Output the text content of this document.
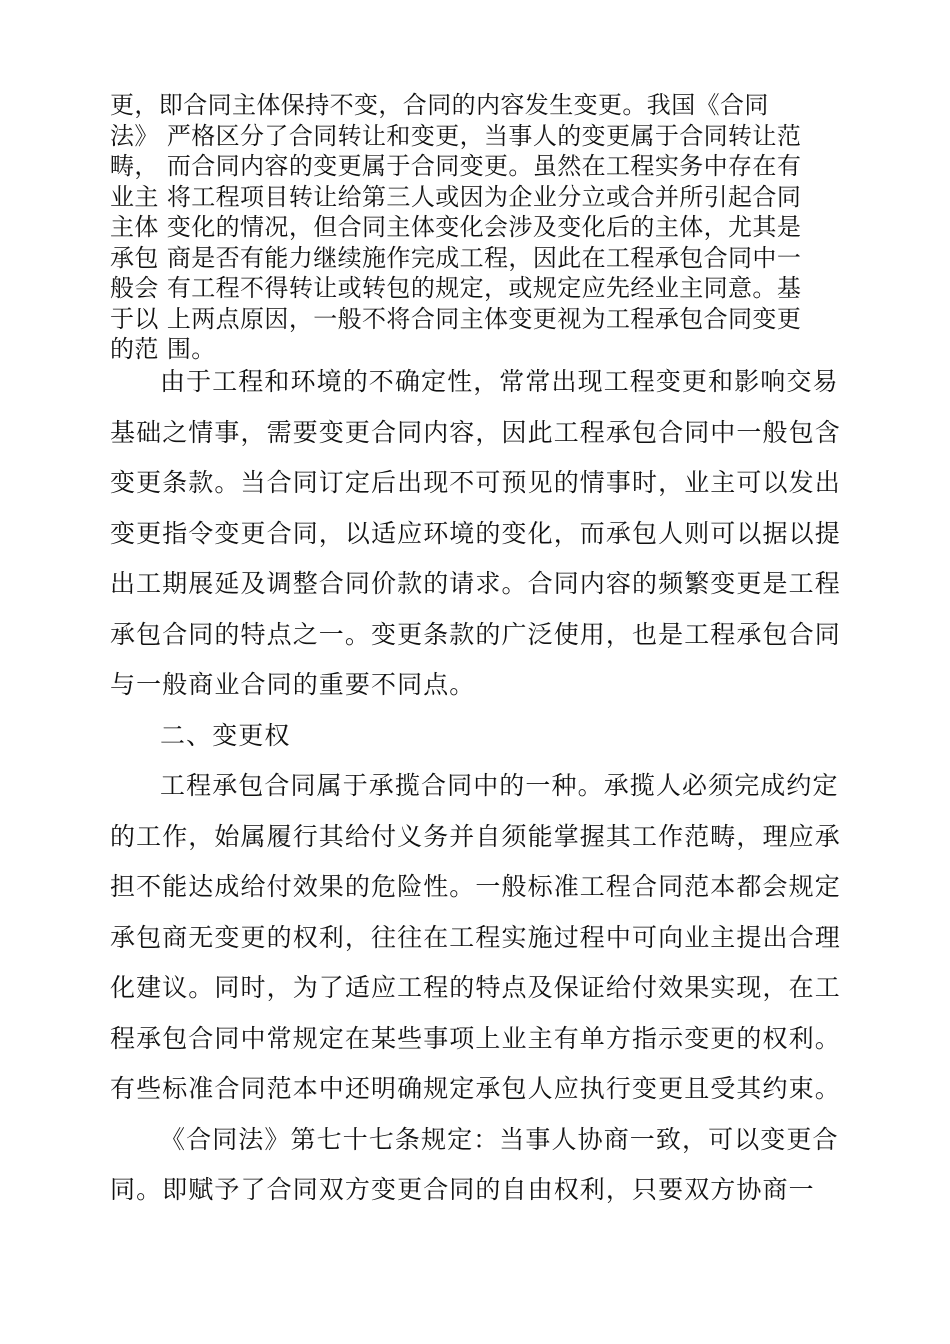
更，即合同主体保持不变，合同的内容发生变更。我国《合同
法》 严格区分了合同转让和变更，当事人的变更属于合同转让范
畴， 而合同内容的变更属于合同变更。虽然在工程实务中存在有
业主 将工程项目转让给第三人或因为企业分立或合并所引起合同
主体 变化的情况，但合同主体变化会涉及变化后的主体，尤其是
承包 商是否有能力继续施作完成工程，因此在工程承包合同中一
般会 有工程不得转让或转包的规定，或规定应先经业主同意。基
于以 上两点原因，一般不将合同主体变更视为工程承包合同变更
的范 围。
由于工程和环境的不确定性，常常出现工程变更和影响交易
基础之情事，需要变更合同内容，因此工程承包合同中一般包含
变更条款。当合同订定后出现不可预见的情事时，业主可以发出
变更指令变更合同，以适应环境的变化，而承包人则可以据以提
出工期展延及调整合同价款的请求。合同内容的频繁变更是工程
承包合同的特点之一。变更条款的广泛使用，也是工程承包合同
与一般商业合同的重要不同点。
二、变更权
工程承包合同属于承揽合同中的一种。承揽人必须完成约定
的工作，始属履行其给付义务并自须能掌握其工作范畴，理应承
担不能达成给付效果的危险性。一般标准工程合同范本都会规定
承包商无变更的权利，往往在工程实施过程中可向业主提出合理
化建议。同时，为了适应工程的特点及保证给付效果实现，在工
程承包合同中常规定在某些事项上业主有单方指示变更的权利。
有些标准合同范本中还明确规定承包人应执行变更且受其约束。
《合同法》第七十七条规定：当事人协商一致，可以变更合
同。即赋予了合同双方变更合同的自由权利，只要双方协商一
